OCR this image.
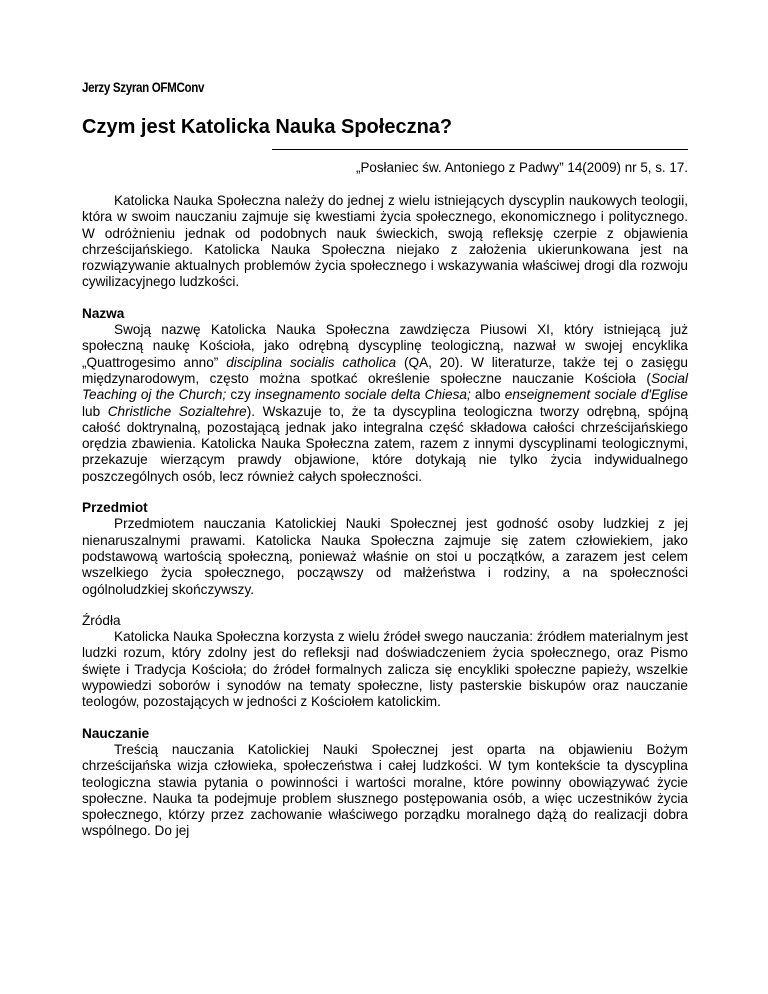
Jerzy Szyran OFMConv
Czym jest Katolicka Nauka Społeczna?
„Posłaniec św. Antoniego z Padwy” 14(2009) nr 5, s. 17.

Katolicka Nauka Społeczna należy do jednej z wielu istniejących dyscyplin naukowych teologii, która w swoim nauczaniu zajmuje się kwestiami życia społecznego, ekonomicznego i politycznego. W odróżnieniu jednak od podobnych nauk świeckich, swoją refleksję czerpie z objawienia chrześcijańskiego. Katolicka Nauka Społeczna niejako z założenia ukierunkowana jest na rozwiązywanie aktualnych problemów życia społecznego i wskazywania właściwej drogi dla rozwoju cywilizacyjnego ludzkości.

Nazwa

Swoją nazwę Katolicka Nauka Społeczna zawdzięcza Piusowi XI, który istniejącą już społeczną naukę Kościoła, jako odrębną dyscyplinę teologiczną, nazwał w swojej encyklika „Quattrogesimo anno” disciplina socialis catholica (QA, 20). W literaturze, także tej o zasięgu międzynarodowym, często można spotkać określenie społeczne nauczanie Kościoła (Social Teaching oj the Church; czy insegnamento sociale delta Chiesa; albo enseignement sociale d'Eglise lub Christliche Sozialtehre). Wskazuje to, że ta dyscyplina teologiczna tworzy odrębną, spójną całość doktrynalną, pozostającą jednak jako integralna część składowa całości chrześcijańskiego orędzia zbawienia. Katolicka Nauka Społeczna zatem, razem z innymi dyscyplinami teologicznymi, przekazuje wierzącym prawdy objawione, które dotykają nie tylko życia indywidualnego poszczególnych osób, lecz również całych społeczności.

Przedmiot

Przedmiotem nauczania Katolickiej Nauki Społecznej jest godność osoby ludzkiej z jej nienaruszalnymi prawami. Katolicka Nauka Społeczna zajmuje się zatem człowiekiem, jako podstawową wartością społeczną, ponieważ właśnie on stoi u początków, a zarazem jest celem wszelkiego życia społecznego, począwszy od małżeństwa i rodziny, a na społeczności ogólnoludzkiej skończywszy.

Źródła

Katolicka Nauka Społeczna korzysta z wielu źródeł swego nauczania: źródłem materialnym jest ludzki rozum, który zdolny jest do refleksji nad doświadczeniem życia społecznego, oraz Pismo święte i Tradycja Kościoła; do źródeł formalnych zalicza się encykliki społeczne papieży, wszelkie wypowiedzi soborów i synodów na tematy społeczne, listy pasterskie biskupów oraz nauczanie teologów, pozostających w jedności z Kościołem katolickim.

Nauczanie

Treścią nauczania Katolickiej Nauki Społecznej jest oparta na objawieniu Bożym chrześcijańska wizja człowieka, społeczeństwa i całej ludzkości. W tym kontekście ta dyscyplina teologiczna stawia pytania o powinności i wartości moralne, które powinny obowiązywać życie społeczne. Nauka ta podejmuje problem słusznego postępowania osób, a więc uczestników życia społecznego, którzy przez zachowanie właściwego porządku moralnego dążą do realizacji dobra wspólnego. Do jej
